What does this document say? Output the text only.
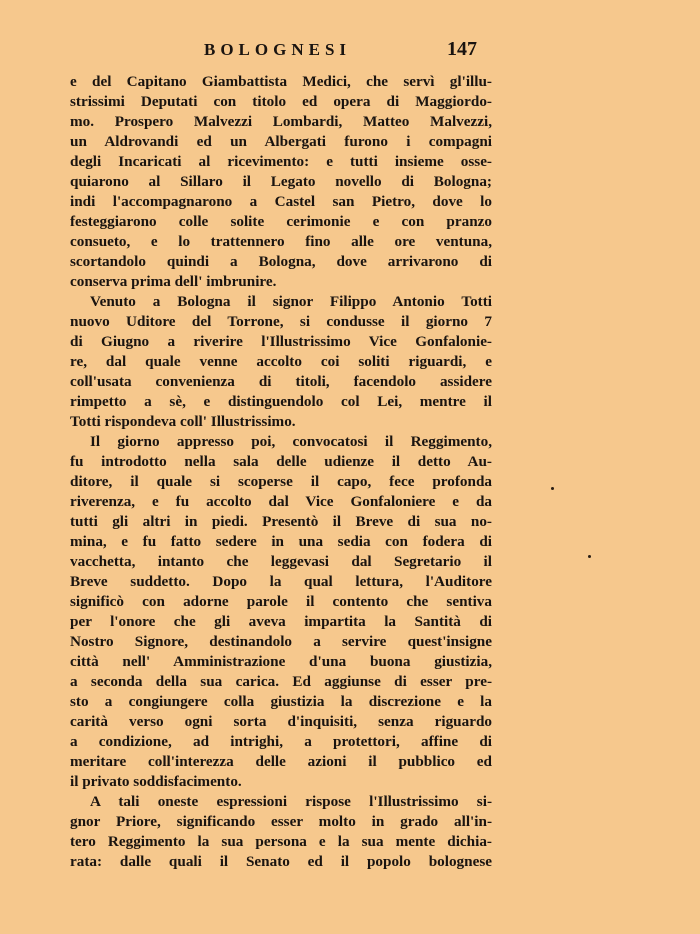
BOLOGNESI	147
e del Capitano Giambattista Medici, che servì gl'illu-
strissimi Deputati con titolo ed opera di Maggiordo-
mo. Prospero Malvezzi Lombardi, Matteo Malvezzi,
un Aldrovandi ed un Albergati furono i compagni
degli Incaricati al ricevimento: e tutti insieme osse-
quiarono al Sillaro il Legato novello di Bologna;
indi l'accompagnarono a Castel san Pietro, dove lo
festeggiarono colle solite cerimonie e con pranzo
consueto, e lo trattennero fino alle ore ventuna,
scortandolo quindi a Bologna, dove arrivarono di
conserva prima dell' imbrunire.
Venuto a Bologna il signor Filippo Antonio Totti
nuovo Uditore del Torrone, si condusse il giorno 7
di Giugno a riverire l'Illustrissimo Vice Gonfalonie-
re, dal quale venne accolto coi soliti riguardi, e
coll'usata convenienza di titoli, facendolo assidere
rimpetto a sè, e distinguendolo col Lei, mentre il
Totti rispondeva coll' Illustrissimo.
Il giorno appresso poi, convocatosi il Reggimento,
fu introdotto nella sala delle udienze il detto Au-
ditore, il quale si scoperse il capo, fece profonda
riverenza, e fu accolto dal Vice Gonfaloniere e da
tutti gli altri in piedi. Presentò il Breve di sua no-
mina, e fu fatto sedere in una sedia con fodera di
vacchetta, intanto che leggevasi dal Segretario il
Breve suddetto. Dopo la qual lettura, l'Auditore
significò con adorne parole il contento che sentiva
per l'onore che gli aveva impartita la Santità di
Nostro Signore, destinandolo a servire quest'insigne
città nell' Amministrazione d'una buona giustizia,
a seconda della sua carica. Ed aggiunse di esser pre-
sto a congiungere colla giustizia la discrezione e la
carità verso ogni sorta d'inquisiti, senza riguardo
a condizione, ad intrighi, a protettori, affine di
meritare coll'interezza delle azioni il pubblico ed
il privato soddisfacimento.
A tali oneste espressioni rispose l'Illustrissimo si-
gnor Priore, significando esser molto in grado all'in-
tero Reggimento la sua persona e la sua mente dichia-
rata: dalle quali il Senato ed il popolo bolognese
